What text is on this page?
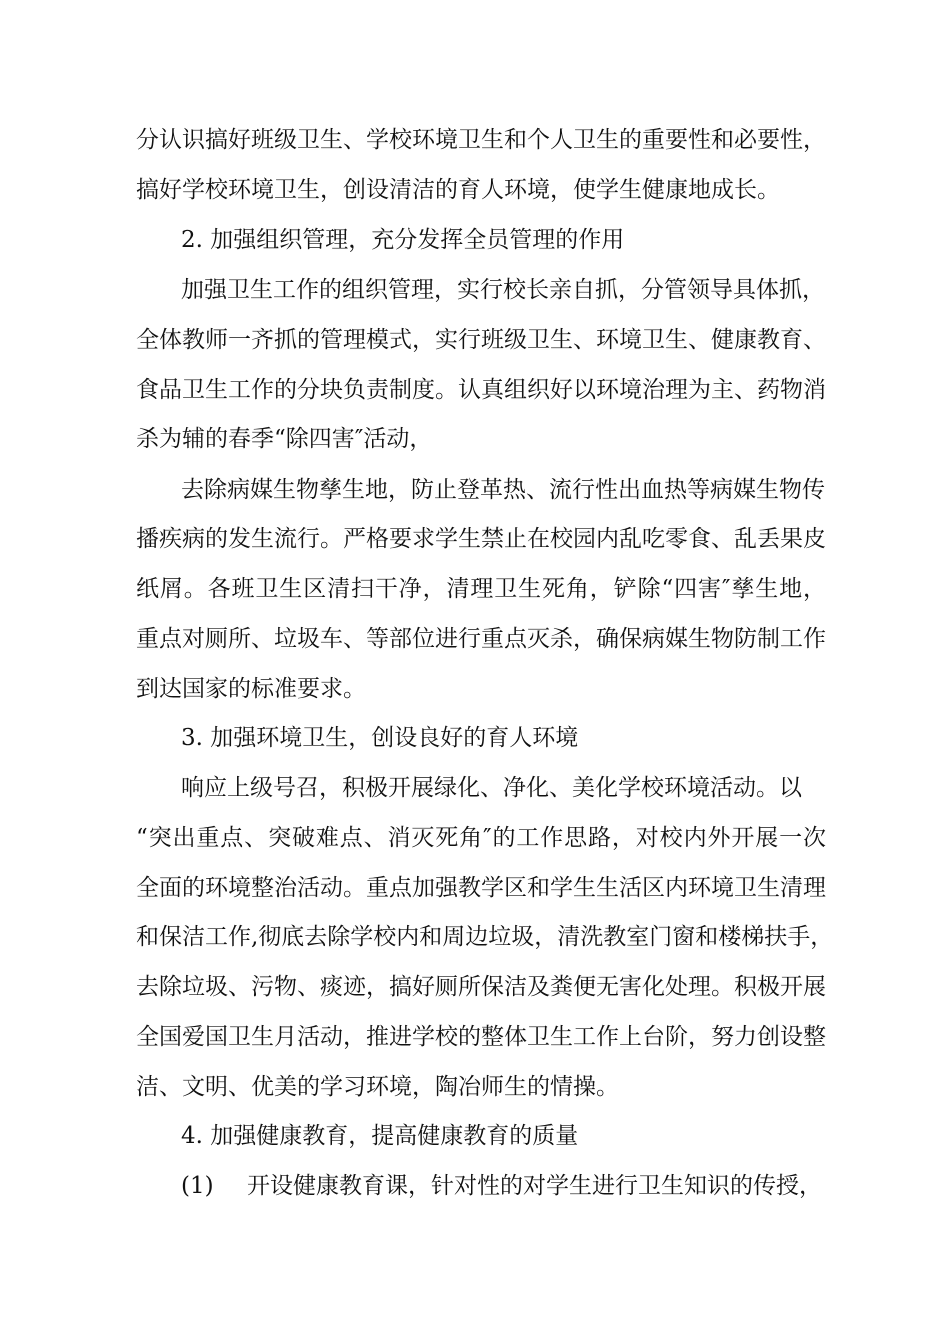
分认识搞好班级卫生、学校环境卫生和个人卫生的重要性和必要性，
搞好学校环境卫生，创设清洁的育人环境，使学生健康地成长。
2. 加强组织管理，充分发挥全员管理的作用
加强卫生工作的组织管理，实行校长亲自抓，分管领导具体抓，
全体教师一齐抓的管理模式，实行班级卫生、环境卫生、健康教育、
食品卫生工作的分块负责制度。认真组织好以环境治理为主、药物消
杀为辅的春季“除四害″活动，
去除病媒生物孳生地，防止登革热、流行性出血热等病媒生物传
播疾病的发生流行。严格要求学生禁止在校园内乱吃零食、乱丢果皮
纸屑。各班卫生区清扫干净，清理卫生死角，铲除“四害″孳生地，
重点对厕所、垃圾车、等部位进行重点灭杀，确保病媒生物防制工作
到达国家的标准要求。
3. 加强环境卫生，创设良好的育人环境
响应上级号召，积极开展绿化、净化、美化学校环境活动。以
“突出重点、突破难点、消灭死角″的工作思路，对校内外开展一次
全面的环境整治活动。重点加强教学区和学生生活区内环境卫生清理
和保洁工作,彻底去除学校内和周边垃圾，清洗教室门窗和楼梯扶手，
去除垃圾、污物、痰迹，搞好厕所保洁及粪便无害化处理。积极开展
全国爱国卫生月活动，推进学校的整体卫生工作上台阶，努力创设整
洁、文明、优美的学习环境，陶冶师生的情操。
4. 加强健康教育，提高健康教育的质量
(1) 开设健康教育课，针对性的对学生进行卫生知识的传授，
